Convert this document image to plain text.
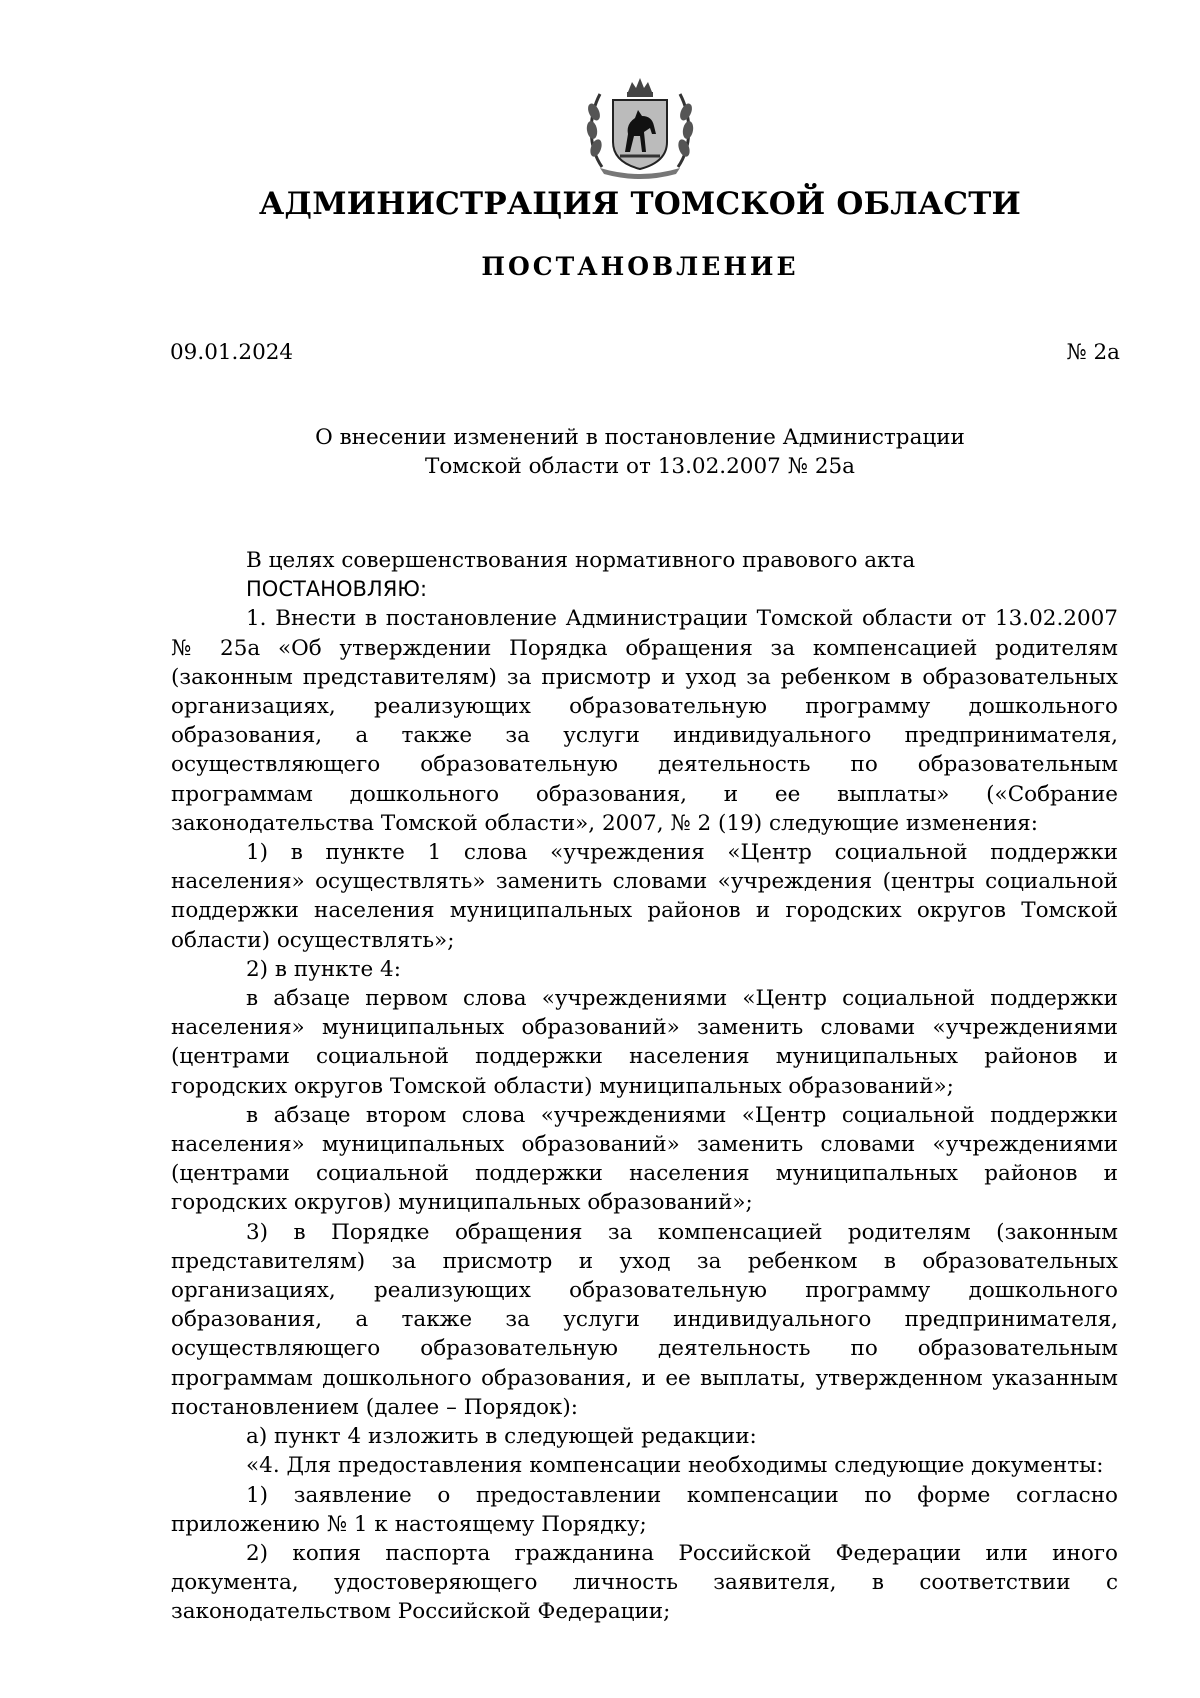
АДМИНИСТРАЦИЯ ТОМСКОЙ ОБЛАСТИ
ПОСТАНОВЛЕНИЕ
09.01.2024	№ 2а
О внесении изменений в постановление Администрации
Томской области от 13.02.2007 № 25а

В целях совершенствования нормативного правового акта

ПОСТАНОВЛЯЮ:

1. Внести в постановление Администрации Томской области от 13.02.2007 № 25а «Об утверждении Порядка обращения за компенсацией родителям (законным представителям) за присмотр и уход за ребенком в образовательных организациях, реализующих образовательную программу дошкольного образования, а также за услуги индивидуального предпринимателя, осуществляющего образовательную деятельность по образовательным программам дошкольного образования, и ее выплаты» («Собрание законодательства Томской области», 2007, № 2 (19) следующие изменения:

1) в пункте 1 слова «учреждения «Центр социальной поддержки населения» осуществлять» заменить словами «учреждения (центры социальной поддержки населения муниципальных районов и городских округов Томской области) осуществлять»;

2) в пункте 4:

в абзаце первом слова «учреждениями «Центр социальной поддержки населения» муниципальных образований» заменить словами «учреждениями (центрами социальной поддержки населения муниципальных районов и городских округов Томской области) муниципальных образований»;

в абзаце втором слова «учреждениями «Центр социальной поддержки населения» муниципальных образований» заменить словами «учреждениями (центрами социальной поддержки населения муниципальных районов и городских округов) муниципальных образований»;

3) в Порядке обращения за компенсацией родителям (законным представителям) за присмотр и уход за ребенком в образовательных организациях, реализующих образовательную программу дошкольного образования, а также за услуги индивидуального предпринимателя, осуществляющего образовательную деятельность по образовательным программам дошкольного образования, и ее выплаты, утвержденном указанным постановлением (далее – Порядок):

а) пункт 4 изложить в следующей редакции:

«4. Для предоставления компенсации необходимы следующие документы:

1) заявление о предоставлении компенсации по форме согласно приложению № 1 к настоящему Порядку;

2) копия паспорта гражданина Российской Федерации или иного документа, удостоверяющего личность заявителя, в соответствии с законодательством Российской Федерации;
